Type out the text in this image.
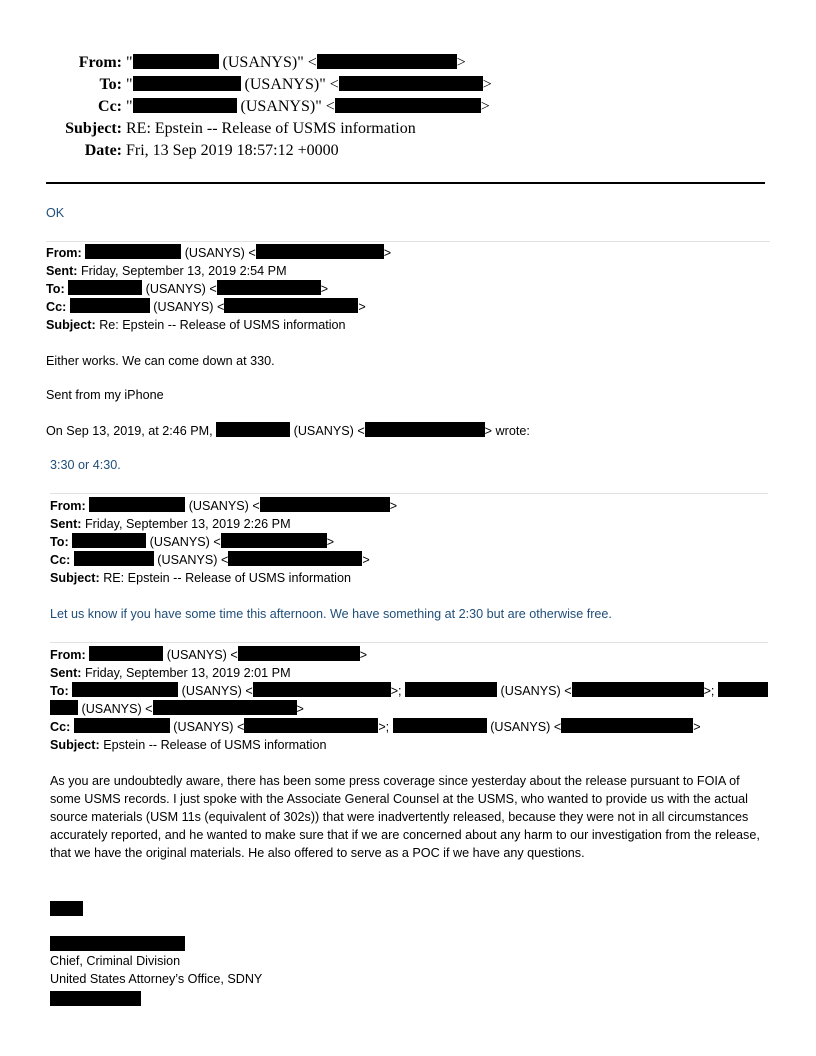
From: "	(USANYS)" <	>
To: "	(USANYS)" <	>
Cc: "	(USANYS)" <	>
Subject: RE: Epstein -- Release of USMS information
Date: Fri, 13 Sep 2019 18:57:12 +0000
OK
From:	(USANYS) <	>
Sent: Friday, September 13, 2019 2:54 PM
To:	(USANYS) <	>
Cc:	(USANYS) <	>
Subject: Re: Epstein -- Release of USMS information
Either works. We can come down at 330.
Sent from my iPhone
On Sep 13, 2019, at 2:46 PM,	(USANYS) <	> wrote:
3:30 or 4:30.
From:	(USANYS) <	>
Sent: Friday, September 13, 2019 2:26 PM
To:	(USANYS) <	>
Cc:	(USANYS) <	>
Subject: RE: Epstein -- Release of USMS information
Let us know if you have some time this afternoon. We have something at 2:30 but are otherwise free.
From:	(USANYS) <	>
Sent: Friday, September 13, 2019 2:01 PM
To:	(USANYS) <	>;	(USANYS) <	>;
(USANYS) <	>
Cc:	(USANYS) <	>;	(USANYS) <	>
Subject: Epstein -- Release of USMS information
As you are undoubtedly aware, there has been some press coverage since yesterday about the release pursuant to FOIA of some USMS records. I just spoke with the Associate General Counsel at the USMS, who wanted to provide us with the actual source materials (USM 11s (equivalent of 302s)) that were inadvertently released, because they were not in all circumstances accurately reported, and he wanted to make sure that if we are concerned about any harm to our investigation from the release, that we have the original materials. He also offered to serve as a POC if we have any questions.
Chief, Criminal Division
United States Attorney’s Office, SDNY
